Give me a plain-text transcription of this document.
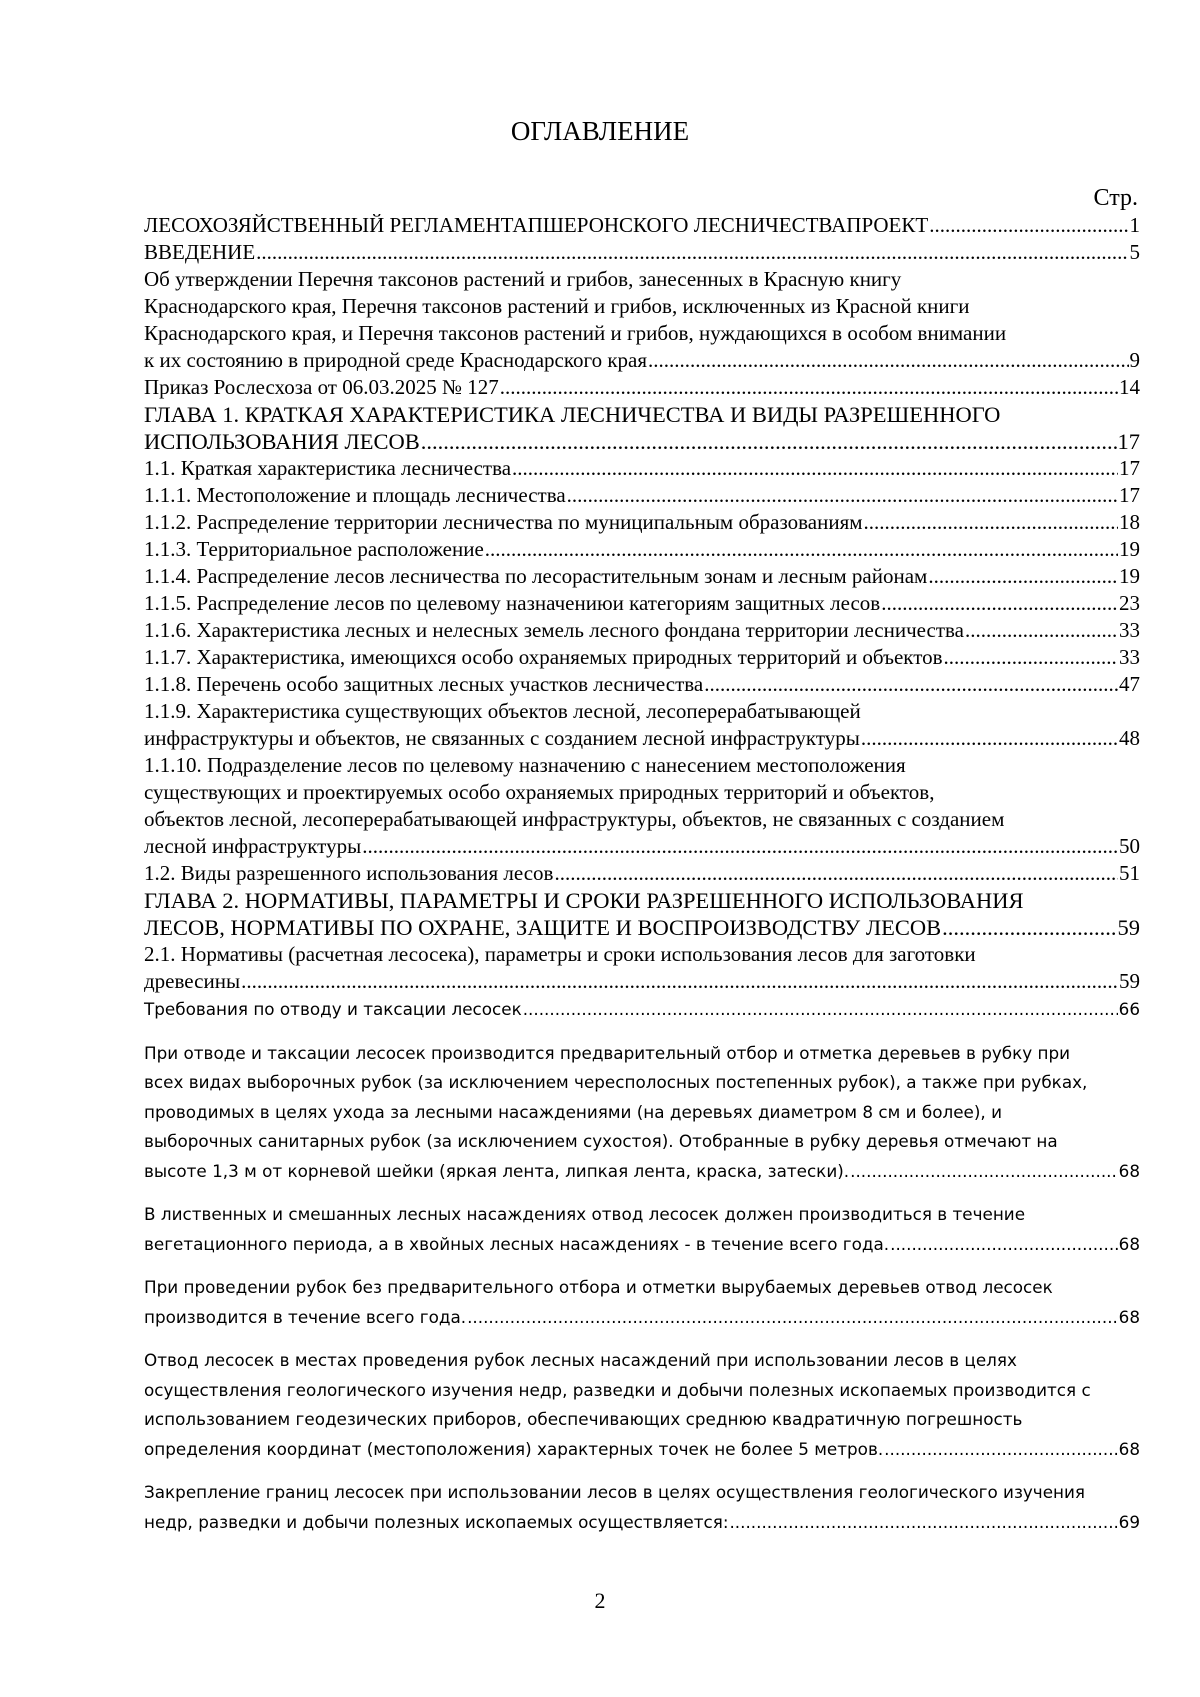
ОГЛАВЛЕНИЕ
Стр.
ЛЕСОХОЗЯЙСТВЕННЫЙ РЕГЛАМЕНТАПШЕРОНСКОГО ЛЕСНИЧЕСТВАПРОЕКТ .....	1
ВВЕДЕНИЕ .....	5
Об утверждении Перечня таксонов растений и грибов, занесенных в Красную книгу
Краснодарского края, Перечня таксонов растений и грибов, исключенных из Красной книги
Краснодарского края, и Перечня таксонов растений и грибов, нуждающихся в особом внимании
к их состоянию в природной среде Краснодарского края .....	9
Приказ Рослесхоза от 06.03.2025 № 127 .....	14
ГЛАВА 1. КРАТКАЯ ХАРАКТЕРИСТИКА ЛЕСНИЧЕСТВА И ВИДЫ РАЗРЕШЕННОГО
ИСПОЛЬЗОВАНИЯ ЛЕСОВ .....	17
1.1. Краткая характеристика лесничества .....	17
1.1.1. Местоположение и площадь лесничества .....	17
1.1.2. Распределение территории лесничества по муниципальным образованиям .....	18
1.1.3. Территориальное расположение .....	19
1.1.4. Распределение лесов лесничества по лесорастительным зонам и лесным районам .....	19
1.1.5. Распределение лесов по целевому назначениюи категориям защитных лесов .....	23
1.1.6. Характеристика лесных и нелесных земель лесного фондана территории лесничества .....	33
1.1.7. Характеристика, имеющихся особо охраняемых природных территорий и объектов .....	33
1.1.8. Перечень особо защитных лесных участков лесничества .....	47
1.1.9. Характеристика существующих объектов лесной, лесоперерабатывающей
инфраструктуры и объектов, не связанных с созданием лесной инфраструктуры .....	48
1.1.10. Подразделение лесов по целевому назначению с нанесением местоположения
существующих и проектируемых особо охраняемых природных территорий и объектов,
объектов лесной, лесоперерабатывающей инфраструктуры, объектов, не связанных с созданием
лесной инфраструктуры .....	50
1.2. Виды разрешенного использования лесов .....	51
ГЛАВА 2. НОРМАТИВЫ, ПАРАМЕТРЫ И СРОКИ РАЗРЕШЕННОГО ИСПОЛЬЗОВАНИЯ
ЛЕСОВ, НОРМАТИВЫ ПО ОХРАНЕ, ЗАЩИТЕ И ВОСПРОИЗВОДСТВУ ЛЕСОВ .....	59
2.1. Нормативы (расчетная лесосека), параметры и сроки использования лесов для заготовки
древесины .....	59
Требования по отводу и таксации лесосек .....	66
При отводе и таксации лесосек производится предварительный отбор и отметка деревьев в рубку при
всех видах выборочных рубок (за исключением чересполосных постепенных рубок), а также при рубках,
проводимых в целях ухода за лесными насаждениями (на деревьях диаметром 8 см и более), и
выборочных санитарных рубок (за исключением сухостоя). Отобранные в рубку деревья отмечают на
высоте 1,3 м от корневой шейки (яркая лента, липкая лента, краска, затески). .....	68
В лиственных и смешанных лесных насаждениях отвод лесосек должен производиться в течение
вегетационного периода, а в хвойных лесных насаждениях - в течение всего года. .....	68
При проведении рубок без предварительного отбора и отметки вырубаемых деревьев отвод лесосек
производится в течение всего года. .....	68
Отвод лесосек в местах проведения рубок лесных насаждений при использовании лесов в целях
осуществления геологического изучения недр, разведки и добычи полезных ископаемых производится с
использованием геодезических приборов, обеспечивающих среднюю квадратичную погрешность
определения координат (местоположения) характерных точек не более 5 метров. .....	68
Закрепление границ лесосек при использовании лесов в целях осуществления геологического изучения
недр, разведки и добычи полезных ископаемых осуществляется: .....	69
2
